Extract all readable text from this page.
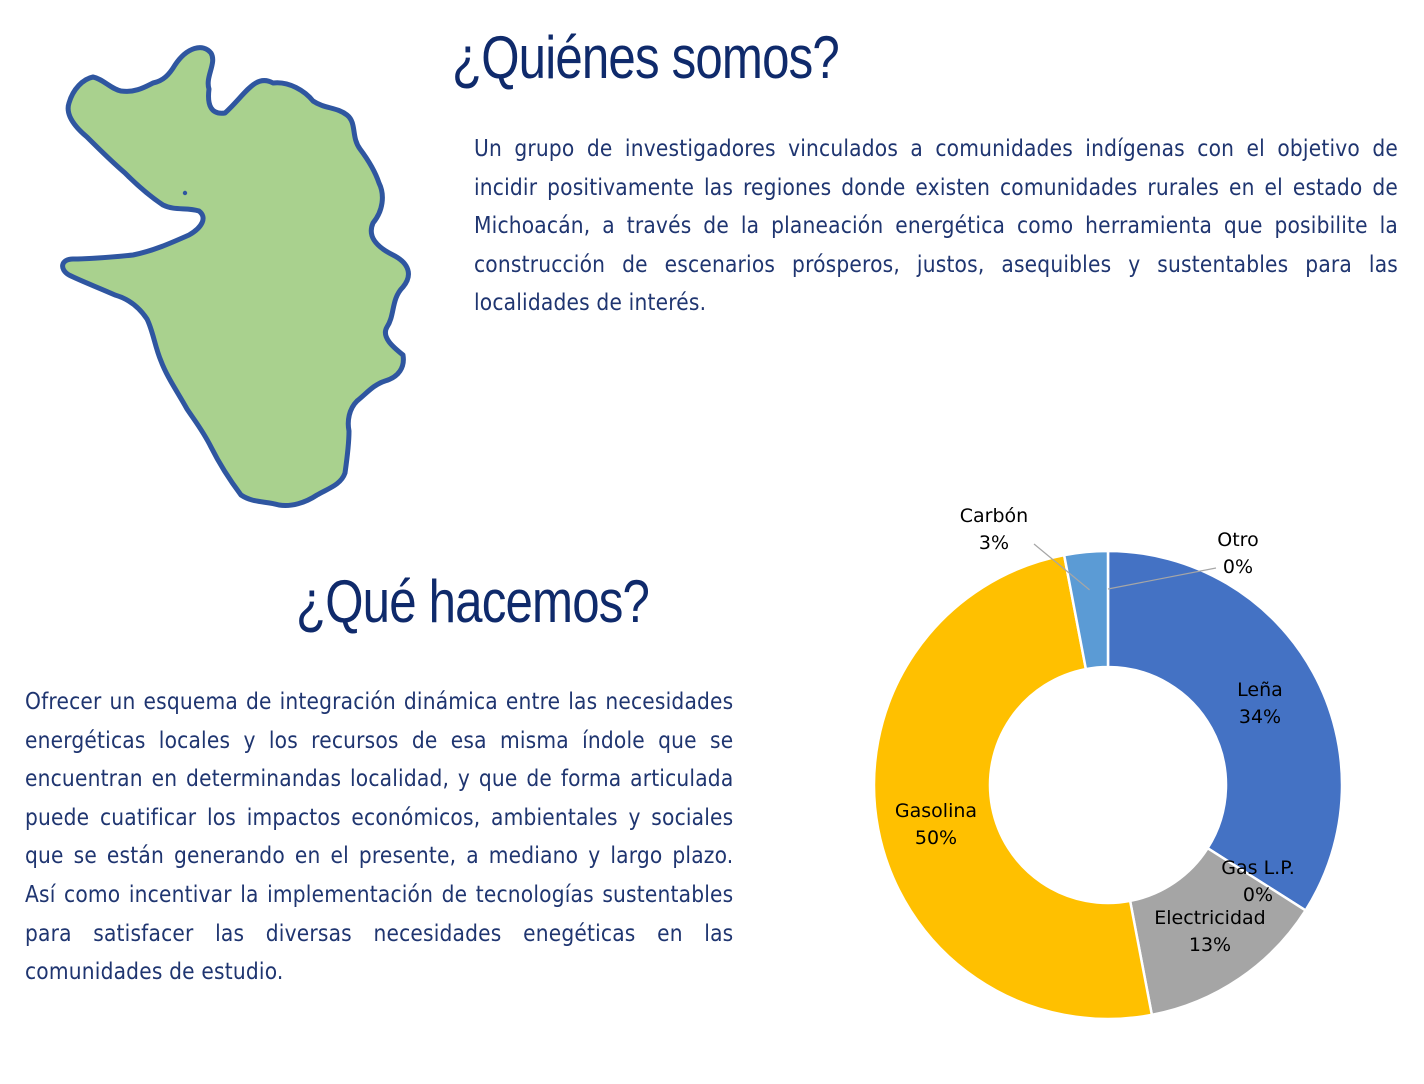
¿Quiénes somos?

Un grupo de investigadores vinculados a comunidades indígenas con el objetivo de incidir positivamente las regiones donde existen comunidades rurales en el estado de Michoacán, a través de la planeación energética como herramienta que posibilite la construcción de escenarios prósperos, justos, asequibles y sustentables para las localidades de interés.

¿Qué hacemos?

Ofrecer un esquema de integración dinámica entre las necesidades energéticas locales y los recursos de esa misma índole que se encuentran en determinandas localidad, y que de forma articulada puede cuatificar los impactos económicos, ambientales y sociales que se están generando en el presente, a mediano y largo plazo. Así como incentivar la implementación de tecnologías sustentables para satisfacer las diversas necesidades enegéticas en las comunidades de estudio.

Otro 0%
Leña 34%
Gas L.P. 0%
Electricidad 13%
Gasolina 50%
Carbón 3%
